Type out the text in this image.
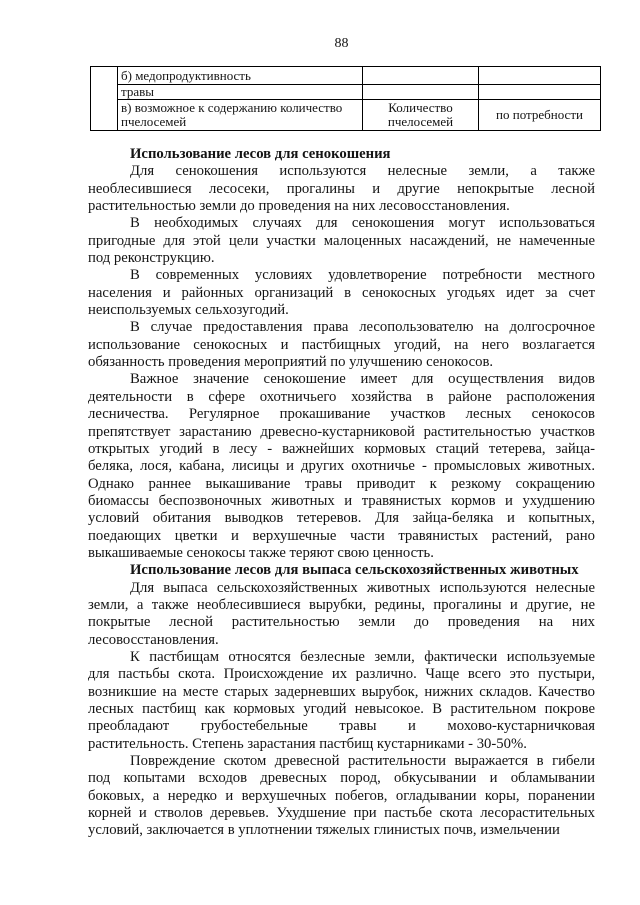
88
	б) медопродуктивность		
	травы		
	в) возможное к содержанию количество пчелосемей	Количество пчелосемей	по потребности
Использование лесов для сенокошения
Для сенокошения используются нелесные земли, а также
необлесившиеся лесосеки, прогалины и другие непокрытые лесной
растительностью земли до проведения на них лесовосстановления.
В необходимых случаях для сенокошения могут использоваться
пригодные для этой цели участки малоценных насаждений, не намеченные
под реконструкцию.
В современных условиях удовлетворение потребности местного
населения и районных организаций в сенокосных угодьях идет за счет
неиспользуемых сельхозугодий.
В случае предоставления права лесопользователю на долгосрочное
использование сенокосных и пастбищных угодий, на него возлагается
обязанность проведения мероприятий по улучшению сенокосов.
Важное значение сенокошение имеет для осуществления видов
деятельности в сфере охотничьего хозяйства в районе расположения
лесничества. Регулярное прокашивание участков лесных сенокосов
препятствует зарастанию древесно-кустарниковой растительностью участков
открытых угодий в лесу - важнейших кормовых стаций тетерева, зайца-
беляка, лося, кабана, лисицы и других охотничье - промысловых животных.
Однако раннее выкашивание травы приводит к резкому сокращению
биомассы беспозвоночных животных и травянистых кормов и ухудшению
условий обитания выводков тетеревов. Для зайца-беляка и копытных,
поедающих цветки и верхушечные части травянистых растений, рано
выкашиваемые сенокосы также теряют свою ценность.
Использование лесов для выпаса сельскохозяйственных животных
Для выпаса сельскохозяйственных животных используются нелесные
земли, а также необлесившиеся вырубки, редины, прогалины и другие, не
покрытые лесной растительностью земли до проведения на них
лесовосстановления.
К пастбищам относятся безлесные земли, фактически используемые
для пастьбы скота. Происхождение их различно. Чаще всего это пустыри,
возникшие на месте старых задерневших вырубок, нижних складов. Качество
лесных пастбищ как кормовых угодий невысокое. В растительном покрове
преобладают грубостебельные травы и мохово-кустарничковая
растительность. Степень зарастания пастбищ кустарниками - 30-50%.
Повреждение скотом древесной растительности выражается в гибели
под копытами всходов древесных пород, обкусывании и обламывании
боковых, а нередко и верхушечных побегов, огладывании коры, поранении
корней и стволов деревьев. Ухудшение при пастьбе скота лесорастительных
условий, заключается в уплотнении тяжелых глинистых почв, измельчении
